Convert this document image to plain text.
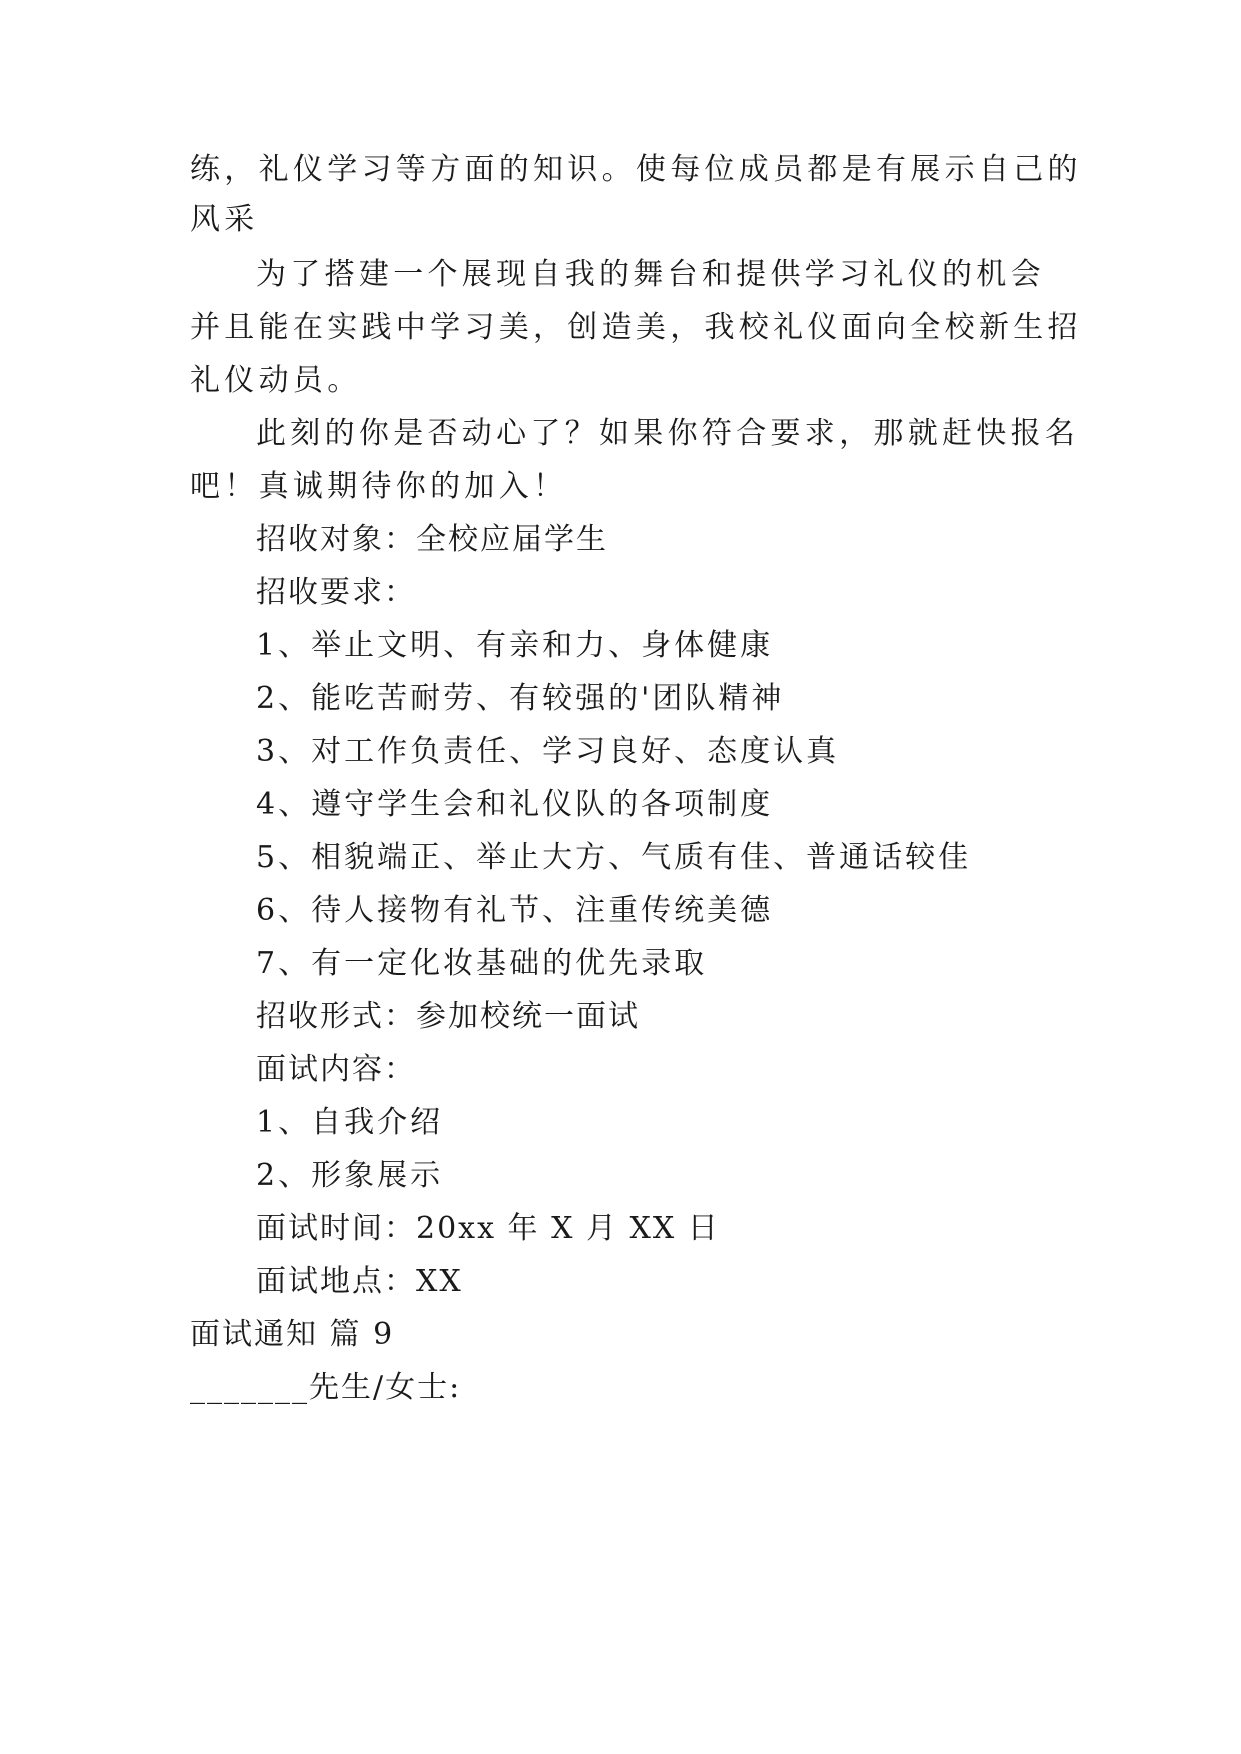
练，礼仪学习等方面的知识。使每位成员都是有展示自己的
风采
为了搭建一个展现自我的舞台和提供学习礼仪的机会
并且能在实践中学习美，创造美，我校礼仪面向全校新生招
礼仪动员。
此刻的你是否动心了？如果你符合要求，那就赶快报名
吧！真诚期待你的加入！
招收对象：全校应届学生
招收要求：
1、举止文明、有亲和力、身体健康
2、能吃苦耐劳、有较强的'团队精神
3、对工作负责任、学习良好、态度认真
4、遵守学生会和礼仪队的各项制度
5、相貌端正、举止大方、气质有佳、普通话较佳
6、待人接物有礼节、注重传统美德
7、有一定化妆基础的优先录取
招收形式：参加校统一面试
面试内容：
1、自我介绍
2、形象展示
面试时间：20xx 年 X 月 XX 日
面试地点：XX
面试通知 篇 9
_______先生/女士:
